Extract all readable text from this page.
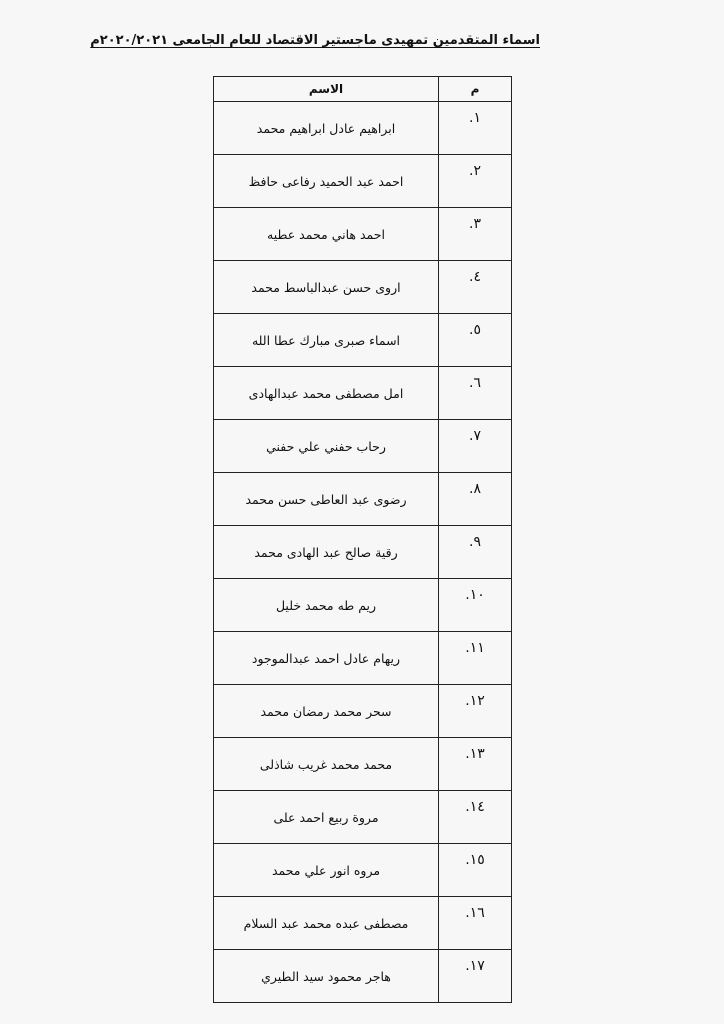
اسماء المتقدمين تمهيدى ماجستير الاقتصاد للعام الجامعى ٢٠٢٠/٢٠٢١م
م	الاسم
١.	ابراهيم عادل ابراهيم محمد
٢.	احمد عبد الحميد رفاعى حافظ
٣.	احمد هاني محمد عطيه
٤.	اروى حسن عبدالباسط محمد
٥.	اسماء صبرى مبارك عطا الله
٦.	امل مصطفى محمد عبدالهادى
٧.	رحاب حفني علي حفني
٨.	رضوى عبد العاطى حسن محمد
٩.	رقية صالح عبد الهادى محمد
١٠.	ريم طه محمد خليل
١١.	ريهام عادل احمد عبدالموجود
١٢.	سحر محمد رمضان محمد
١٣.	محمد محمد غريب شاذلى
١٤.	مروة ربيع احمد على
١٥.	مروه انور علي محمد
١٦.	مصطفى عبده محمد عبد السلام
١٧.	هاجر محمود سيد الطيري
